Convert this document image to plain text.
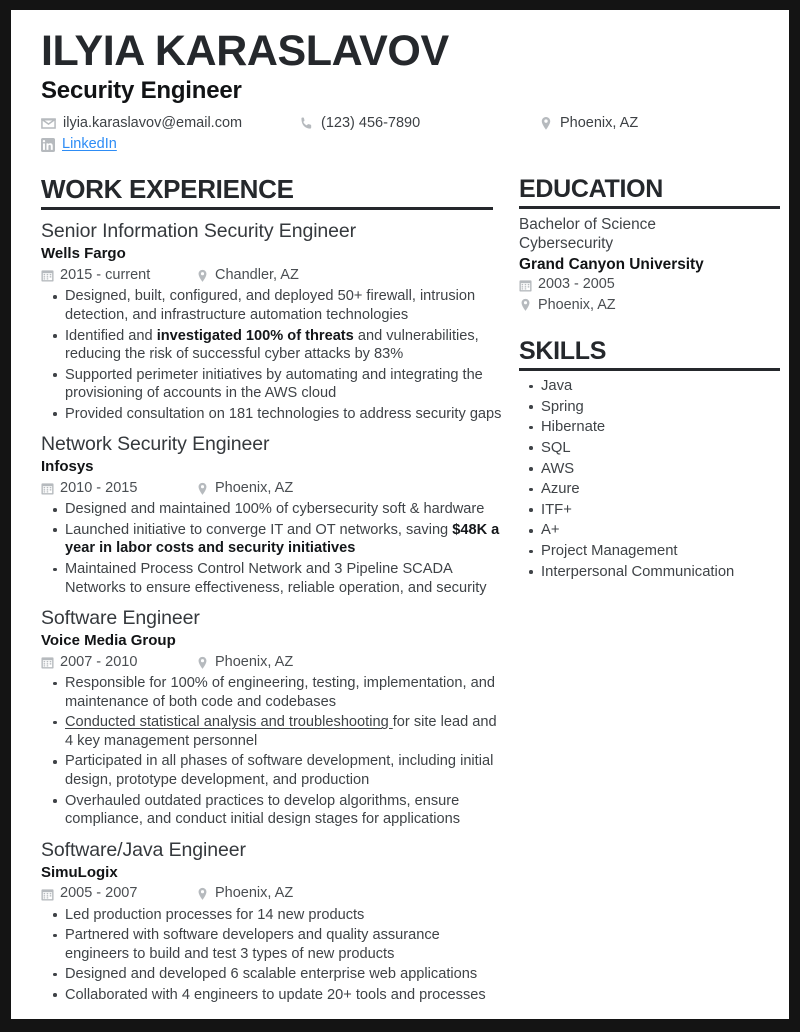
ILYIA KARASLAVOV
Security Engineer
ilyia.karaslavov@email.com	(123) 456-7890	Phoenix, AZ
LinkedIn
WORK EXPERIENCE
Senior Information Security Engineer
Wells Fargo
2015 - current	Chandler, AZ
Designed, built, configured, and deployed 50+ firewall, intrusion detection, and infrastructure automation technologies
Identified and investigated 100% of threats and vulnerabilities, reducing the risk of successful cyber attacks by 83%
Supported perimeter initiatives by automating and integrating the provisioning of accounts in the AWS cloud
Provided consultation on 181 technologies to address security gaps
Network Security Engineer
Infosys
2010 - 2015	Phoenix, AZ
Designed and maintained 100% of cybersecurity soft & hardware
Launched initiative to converge IT and OT networks, saving $48K a year in labor costs and security initiatives
Maintained Process Control Network and 3 Pipeline SCADA Networks to ensure effectiveness, reliable operation, and security
Software Engineer
Voice Media Group
2007 - 2010	Phoenix, AZ
Responsible for 100% of engineering, testing, implementation, and maintenance of both code and codebases
Conducted statistical analysis and troubleshooting for site lead and 4 key management personnel
Participated in all phases of software development, including initial design, prototype development, and production
Overhauled outdated practices to develop algorithms, ensure compliance, and conduct initial design stages for applications
Software/Java Engineer
SimuLogix
2005 - 2007	Phoenix, AZ
Led production processes for 14 new products
Partnered with software developers and quality assurance engineers to build and test 3 types of new products
Designed and developed 6 scalable enterprise web applications
Collaborated with 4 engineers to update 20+ tools and processes
EDUCATION
Bachelor of Science
Cybersecurity
Grand Canyon University
2003 - 2005
Phoenix, AZ
SKILLS
Java
Spring
Hibernate
SQL
AWS
Azure
ITF+
A+
Project Management
Interpersonal Communication
